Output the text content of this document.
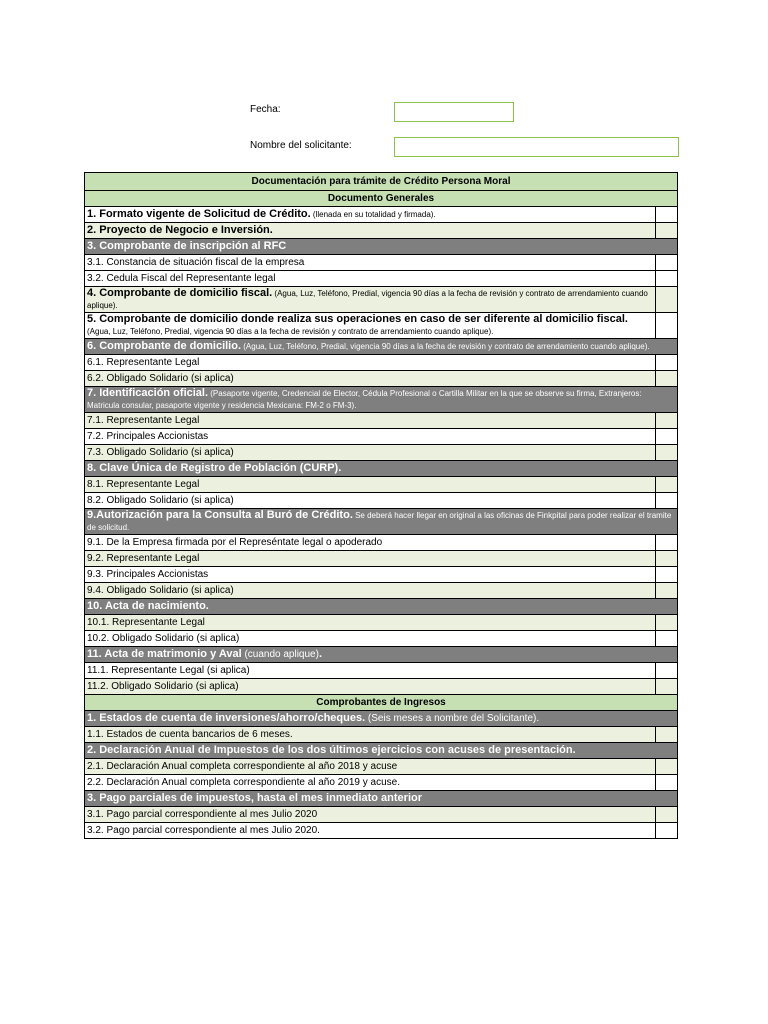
Fecha:
Nombre del solicitante:
Documentación para trámite de Crédito Persona Moral	
Documento Generales	
1. Formato vigente de Solicitud de Crédito. (llenada en su totalidad y firmada).	
2. Proyecto de Negocio e Inversión.	
3. Comprobante de inscripción al RFC	
3.1. Constancia de situación fiscal de la empresa	
3.2. Cedula Fiscal del Representante legal	
4. Comprobante de domicilio fiscal. (Agua, Luz, Teléfono, Predial, vigencia 90 días a la fecha de revisión y contrato de arrendamiento cuando aplique).	
5. Comprobante de domicilio donde realiza sus operaciones en caso de ser diferente al domicilio fiscal.
(Agua, Luz, Teléfono, Predial, vigencia 90 días a la fecha de revisión y contrato de arrendamiento cuando aplique).	
6. Comprobante de domicilio. (Agua, Luz, Teléfono, Predial, vigencia 90 días a la fecha de revisión y contrato de arrendamiento cuando aplique).	
6.1. Representante Legal	
6.2. Obligado Solidario (si aplica)	
7. Identificación oficial. (Pasaporte vigente, Credencial de Elector, Cédula Profesional o Cartilla Militar en la que se observe su firma, Extranjeros: Matricula consular, pasaporte vigente y residencia Mexicana: FM-2 o FM-3).	
7.1. Representante Legal	
7.2. Principales Accionistas	
7.3. Obligado Solidario (si aplica)	
8. Clave Única de Registro de Población (CURP).	
8.1. Representante Legal	
8.2. Obligado Solidario (si aplica)	
9.Autorización para la Consulta al Buró de Crédito. Se deberá hacer llegar en original a las oficinas de Finkpital para poder realizar el tramite de solicitud.	
9.1. De la Empresa firmada por el Represéntate legal o apoderado	
9.2. Representante Legal	
9.3. Principales Accionistas	
9.4. Obligado Solidario (si aplica)	
10. Acta de nacimiento.	
10.1. Representante Legal	
10.2. Obligado Solidario (si aplica)	
11. Acta de matrimonio y Aval (cuando aplique).	
11.1. Representante Legal (si aplica)	
11.2. Obligado Solidario (si aplica)	
Comprobantes de Ingresos	
1. Estados de cuenta de inversiones/ahorro/cheques. (Seis meses a nombre del Solicitante).	
1.1. Estados de cuenta bancarios de 6 meses.	
2. Declaración Anual de Impuestos de los dos últimos ejercicios con acuses de presentación.	
2.1. Declaración Anual completa correspondiente al año 2018 y acuse	
2.2. Declaración Anual completa correspondiente al año 2019 y acuse.	
3. Pago parciales de impuestos, hasta el mes inmediato anterior	
3.1. Pago parcial correspondiente al mes Julio 2020	
3.2. Pago parcial correspondiente al mes Julio 2020.	
